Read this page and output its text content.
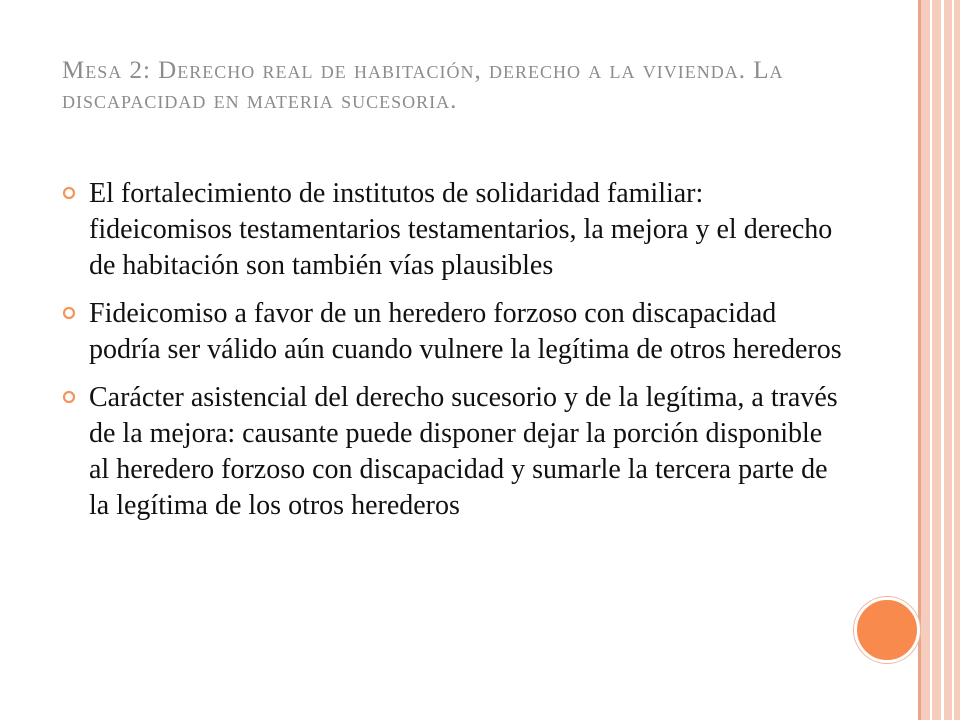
Mesa 2: Derecho real de habitación, derecho a la vivienda. La discapacidad en materia sucesoria.
El fortalecimiento de institutos de solidaridad familiar: fideicomisos testamentarios testamentarios, la mejora y el derecho de habitación son también vías plausibles
Fideicomiso a favor de un heredero forzoso con discapacidad podría ser válido aún cuando vulnere la legítima de otros herederos
Carácter asistencial del derecho sucesorio y de la legítima, a través de la mejora: causante puede disponer dejar la porción disponible al heredero forzoso con discapacidad y sumarle la tercera parte de la legítima de los otros herederos
